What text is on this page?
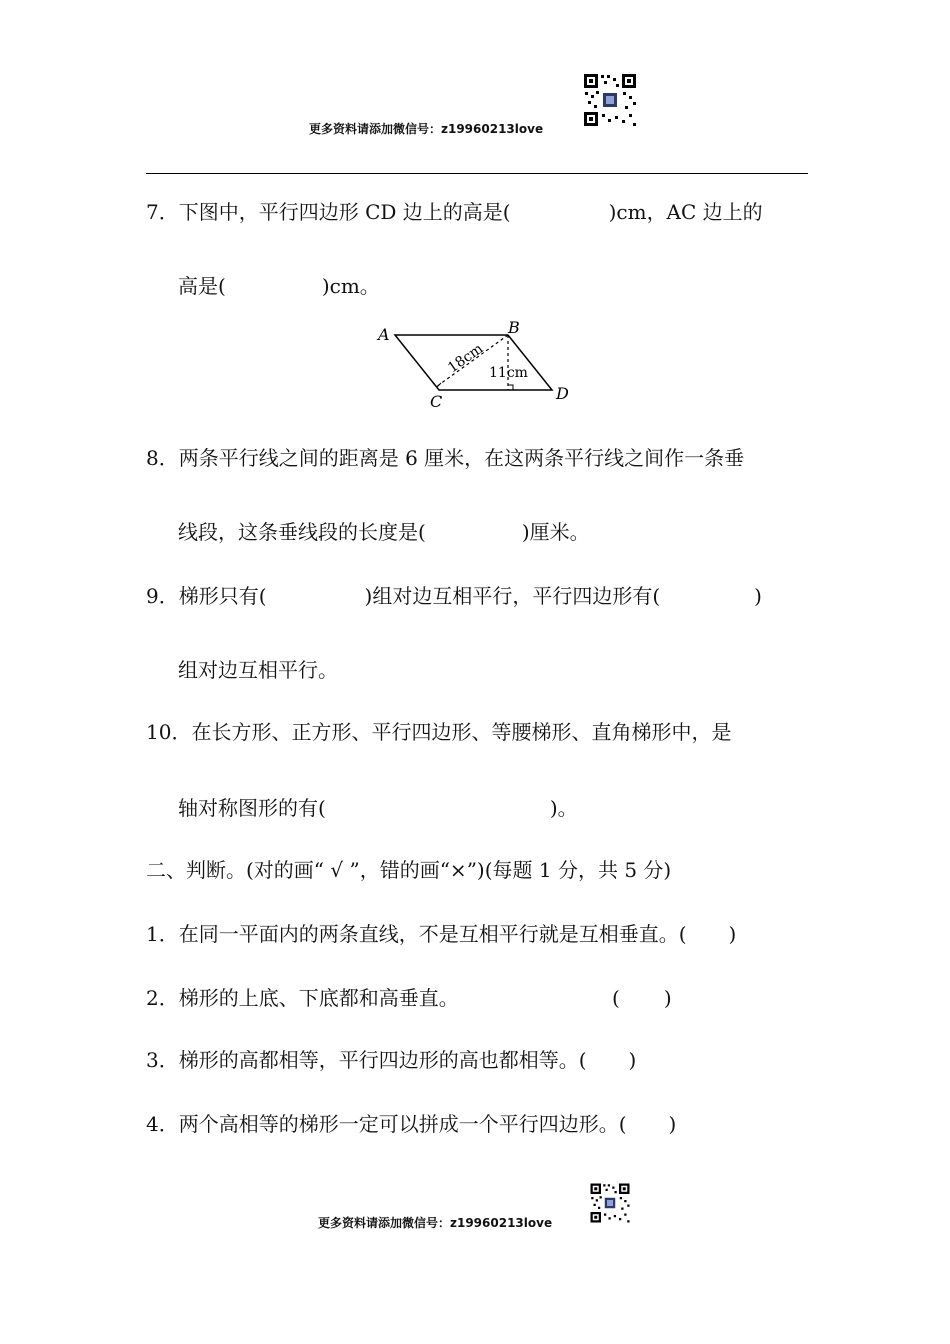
更多资料请添加微信号：z19960213love
7．下图中，平行四边形 CD 边上的高是(	)cm，AC 边上的
高是(	)cm。
A	B
C	D
18cm 11cm
8．两条平行线之间的距离是 6 厘米，在这两条平行线之间作一条垂
线段，这条垂线段的长度是(	)厘米。
9．梯形只有(	)组对边互相平行，平行四边形有(	)
组对边互相平行。
10．在长方形、正方形、平行四边形、等腰梯形、直角梯形中，是
轴对称图形的有(	)。
二、判断。(对的画“ √ ”，错的画“×”)(每题 1 分，共 5 分)
1．在同一平面内的两条直线，不是互相平行就是互相垂直。( )
2．梯形的上底、下底都和高垂直。	( )
3．梯形的高都相等，平行四边形的高也都相等。( )
4．两个高相等的梯形一定可以拼成一个平行四边形。( )
更多资料请添加微信号：z19960213love
